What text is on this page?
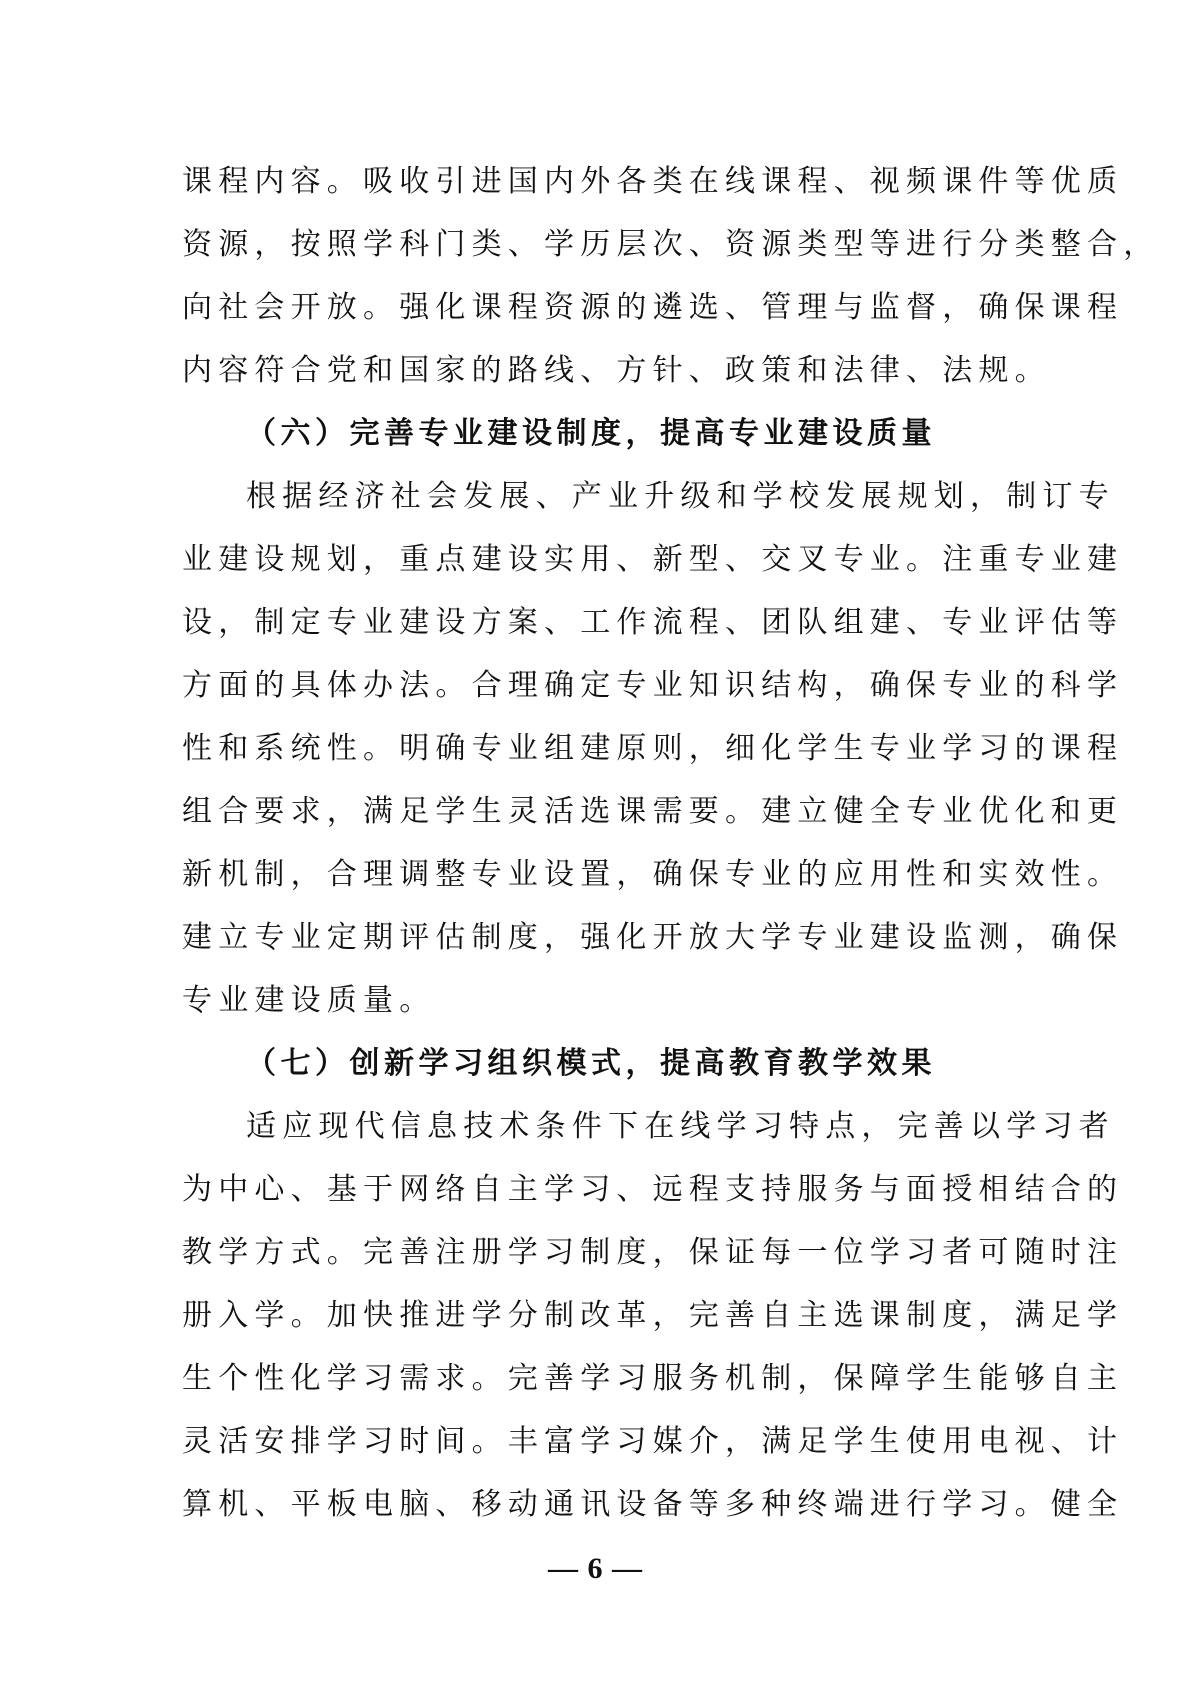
课程内容。吸收引进国内外各类在线课程、视频课件等优质
资源，按照学科门类、学历层次、资源类型等进行分类整合，
向社会开放。强化课程资源的遴选、管理与监督，确保课程
内容符合党和国家的路线、方针、政策和法律、法规。
（六）完善专业建设制度，提高专业建设质量
根据经济社会发展、产业升级和学校发展规划，制订专
业建设规划，重点建设实用、新型、交叉专业。注重专业建
设，制定专业建设方案、工作流程、团队组建、专业评估等
方面的具体办法。合理确定专业知识结构，确保专业的科学
性和系统性。明确专业组建原则，细化学生专业学习的课程
组合要求，满足学生灵活选课需要。建立健全专业优化和更
新机制，合理调整专业设置，确保专业的应用性和实效性。
建立专业定期评估制度，强化开放大学专业建设监测，确保
专业建设质量。
（七）创新学习组织模式，提高教育教学效果
适应现代信息技术条件下在线学习特点，完善以学习者
为中心、基于网络自主学习、远程支持服务与面授相结合的
教学方式。完善注册学习制度，保证每一位学习者可随时注
册入学。加快推进学分制改革，完善自主选课制度，满足学
生个性化学习需求。完善学习服务机制，保障学生能够自主
灵活安排学习时间。丰富学习媒介，满足学生使用电视、计
算机、平板电脑、移动通讯设备等多种终端进行学习。健全
— 6 —
